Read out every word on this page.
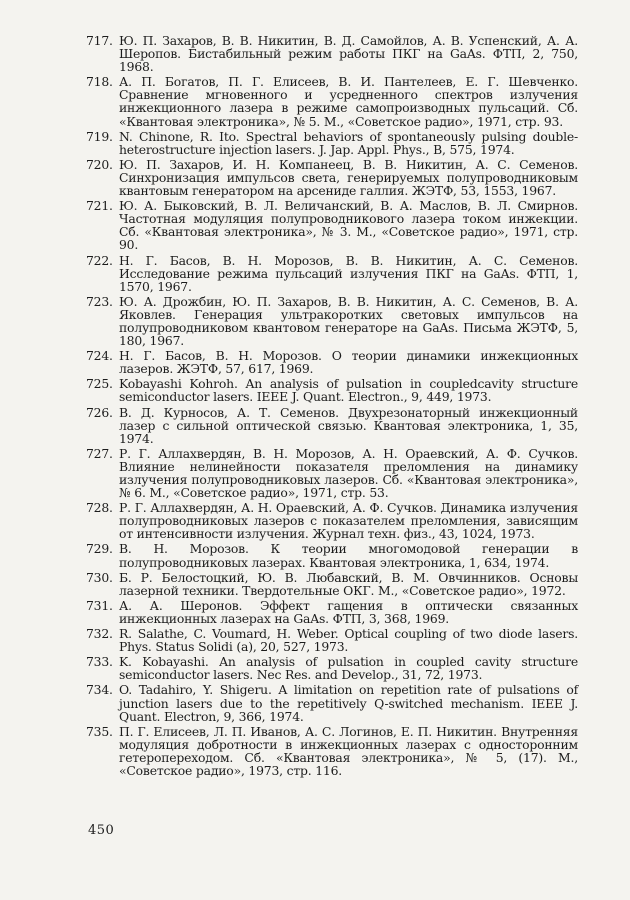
717. Ю. П. Захаров, В. В. Никитин, В. Д. Самойлов, А. В. Успенский, А. А. Шеропов. Бистабильный режим работы ПКГ на GaAs. ФТП, 2, 750, 1968.
718. А. П. Богатов, П. Г. Елисеев, В. И. Пантелеев, Е. Г. Шевченко. Сравнение мгновенного и усредненного спектров излучения инжекционного лазера в режиме самопроизводных пульсаций. Сб. «Квантовая электроника», № 5. М., «Советское радио», 1971, стр. 93.
719. N. Chinone, R. Ito. Spectral behaviors of spontaneously pulsing double-heterostructure injection lasers. J. Jap. Appl. Phys., B, 575, 1974.
720. Ю. П. Захаров, И. Н. Компанеец, В. В. Никитин, А. С. Семенов. Синхронизация импульсов света, генерируемых полупроводниковым квантовым генератором на арсениде галлия. ЖЭТФ, 53, 1553, 1967.
721. Ю. А. Быковский, В. Л. Величанский, В. А. Маслов, В. Л. Смирнов. Частотная модуляция полупроводникового лазера током инжекции. Сб. «Квантовая электроника», № 3. М., «Советское радио», 1971, стр. 90.
722. Н. Г. Басов, В. Н. Морозов, В. В. Никитин, А. С. Семенов. Исследование режима пульсаций излучения ПКГ на GaAs. ФТП, 1, 1570, 1967.
723. Ю. А. Дрожбин, Ю. П. Захаров, В. В. Никитин, А. С. Семенов, В. А. Яковлев. Генерация ультракоротких световых импульсов на полупроводниковом квантовом генераторе на GaAs. Письма ЖЭТФ, 5, 180, 1967.
724. Н. Г. Басов, В. Н. Морозов. О теории динамики инжекционных лазеров. ЖЭТФ, 57, 617, 1969.
725. Kobayashi Kohroh. An analysis of pulsation in coupledcavity structure semiconductor lasers. IEEE J. Quant. Electron., 9, 449, 1973.
726. В. Д. Курносов, А. Т. Семенов. Двухрезонаторный инжекционный лазер с сильной оптической связью. Квантовая электроника, 1, 35, 1974.
727. Р. Г. Аллахвердян, В. Н. Морозов, А. Н. Ораевский, А. Ф. Сучков. Влияние нелинейности показателя преломления на динамику излучения полупроводниковых лазеров. Сб. «Квантовая электроника», № 6. М., «Советское радио», 1971, стр. 53.
728. Р. Г. Аллахвердян, А. Н. Ораевский, А. Ф. Сучков. Динамика излучения полупроводниковых лазеров с показателем преломления, зависящим от интенсивности излучения. Журнал техн. физ., 43, 1024, 1973.
729. В. Н. Морозов. К теории многомодовой генерации в полупроводниковых лазерах. Квантовая электроника, 1, 634, 1974.
730. Б. Р. Белостоцкий, Ю. В. Любавский, В. М. Овчинников. Основы лазерной техники. Твердотельные ОКГ. М., «Советское радио», 1972.
731. А. А. Шеронов. Эффект гащения в оптически связанных инжекционных лазерах на GaAs. ФТП, 3, 368, 1969.
732. R. Salathe, C. Voumard, H. Weber. Optical coupling of two diode lasers. Phys. Status Solidi (a), 20, 527, 1973.
733. K. Kobayashi. An analysis of pulsation in coupled cavity structure semiconductor lasers. Nec Res. and Develop., 31, 72, 1973.
734. O. Tadahiro, Y. Shigeru. A limitation on repetition rate of pulsations of junction lasers due to the repetitively Q-switched mechanism. IEEE J. Quant. Electron, 9, 366, 1974.
735. П. Г. Елисеев, Л. П. Иванов, А. С. Логинов, Е. П. Никитин. Внутренняя модуляция добротности в инжекционных лазерах с односторонним гетеропереходом. Сб. «Квантовая электроника», № 5, (17). М., «Советское радио», 1973, стр. 116.
450
